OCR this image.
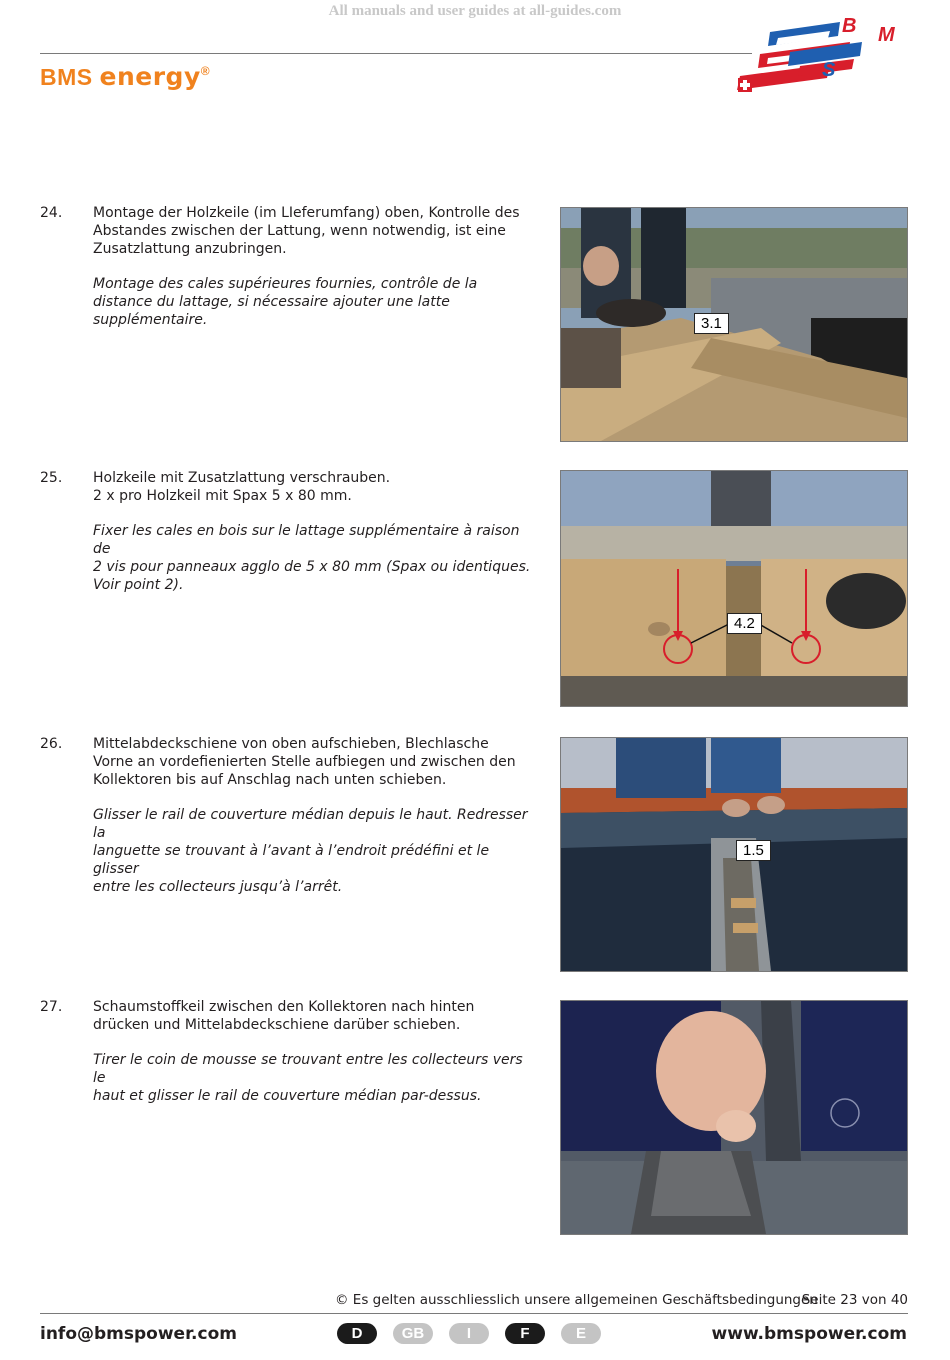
All manuals and user guides at all-guides.com
BMS energy®
B M
S
24. Montage der Holzkeile (im LIeferumfang) oben, Kontrolle des
Abstandes zwischen der Lattung, wenn notwendig, ist eine
Zusatzlattung anzubringen.

Montage des cales supérieures fournies, contrôle de la
distance du lattage, si nécessaire ajouter une latte
supplémentaire.	3.1
25. Holzkeile mit Zusatzlattung verschrauben.
2 x pro Holzkeil mit Spax 5 x 80 mm.

Fixer les cales en bois sur le lattage supplémentaire à raison de
2 vis pour panneaux agglo de 5 x 80 mm (Spax ou identiques.
Voir point 2).

4.2
26. Mittelabdeckschiene von oben aufschieben, Blechlasche
Vorne an vordefienierten Stelle aufbiegen und zwischen den
Kollektoren bis auf Anschlag nach unten schieben.

Glisser le rail de couverture médian depuis le haut. Redresser la
languette se trouvant à l’avant à l’endroit prédéfini et le glisser
entre les collecteurs jusqu’à l’arrêt.

1.5
27. Schaumstoffkeil zwischen den Kollektoren nach hinten
drücken und Mittelabdeckschiene darüber schieben.

Tirer le coin de mousse se trouvant entre les collecteurs vers le
haut et glisser le rail de couverture médian par-dessus.

© Es gelten ausschliesslich unsere allgemeinen Geschäftsbedingungen
Seite 23 von 40
info@bmspower.com	D	GB	I	F	E	www.bmspower.com
